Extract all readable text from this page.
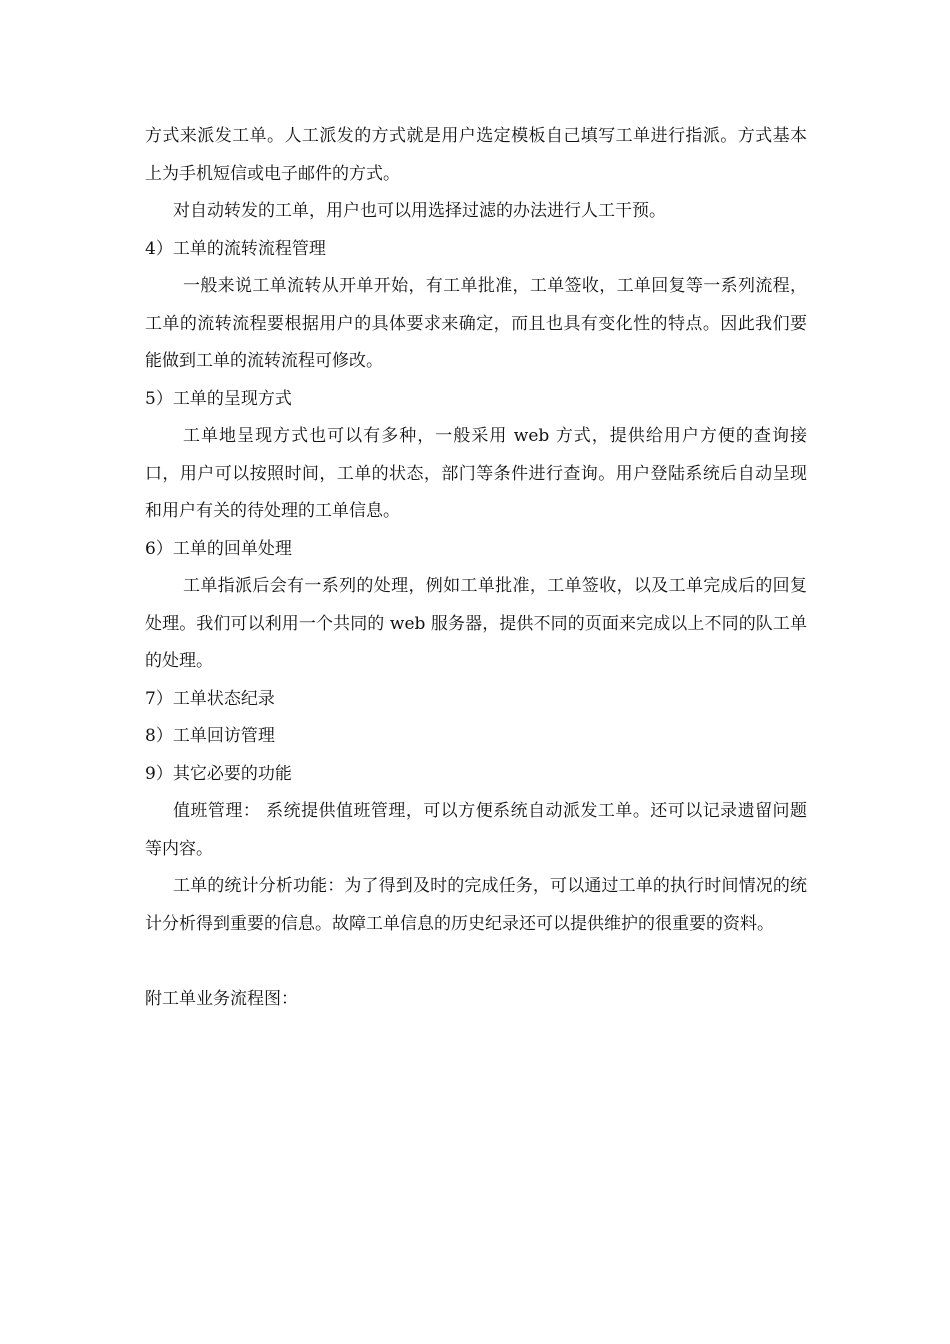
方式来派发工单。人工派发的方式就是用户选定模板自己填写工单进行指派。方式基本上为手机短信或电子邮件的方式。

对自动转发的工单，用户也可以用选择过滤的办法进行人工干预。

4）工单的流转流程管理

一般来说工单流转从开单开始，有工单批准，工单签收，工单回复等一系列流程，工单的流转流程要根据用户的具体要求来确定，而且也具有变化性的特点。因此我们要能做到工单的流转流程可修改。

5）工单的呈现方式

工单地呈现方式也可以有多种，一般采用 web 方式，提供给用户方便的查询接口，用户可以按照时间，工单的状态，部门等条件进行查询。用户登陆系统后自动呈现和用户有关的待处理的工单信息。

6）工单的回单处理

工单指派后会有一系列的处理，例如工单批准，工单签收，以及工单完成后的回复处理。我们可以利用一个共同的 web 服务器，提供不同的页面来完成以上不同的队工单的处理。

7）工单状态纪录

8）工单回访管理

9）其它必要的功能

值班管理： 系统提供值班管理，可以方便系统自动派发工单。还可以记录遗留问题等内容。

工单的统计分析功能：为了得到及时的完成任务，可以通过工单的执行时间情况的统计分析得到重要的信息。故障工单信息的历史纪录还可以提供维护的很重要的资料。

附工单业务流程图：
